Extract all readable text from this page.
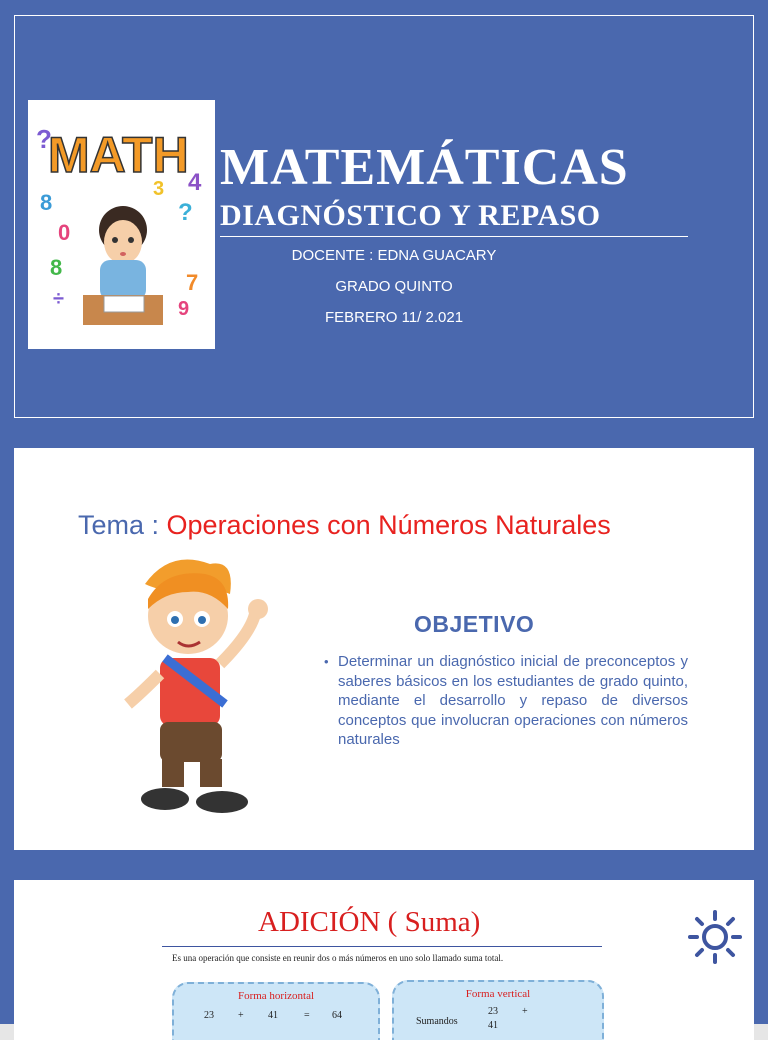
MATH
?
4
8
0
8
?
7
÷
3
9
MATEMÁTICAS
DIAGNÓSTICO Y REPASO
DOCENTE : EDNA GUACARY
GRADO QUINTO
FEBRERO 11/ 2.021
Tema : Operaciones con Números Naturales
OBJETIVO
• Determinar un diagnóstico inicial de preconceptos y saberes básicos en los estudiantes de grado quinto, mediante el desarrollo y repaso de diversos conceptos que involucran operaciones con números naturales
ADICIÓN ( Suma)
Es una operación que consiste en reunir dos o más números en uno solo llamado suma total.
Forma horizontal
23 + 41	= 64
Forma vertical
Sumandos
23 +
41
